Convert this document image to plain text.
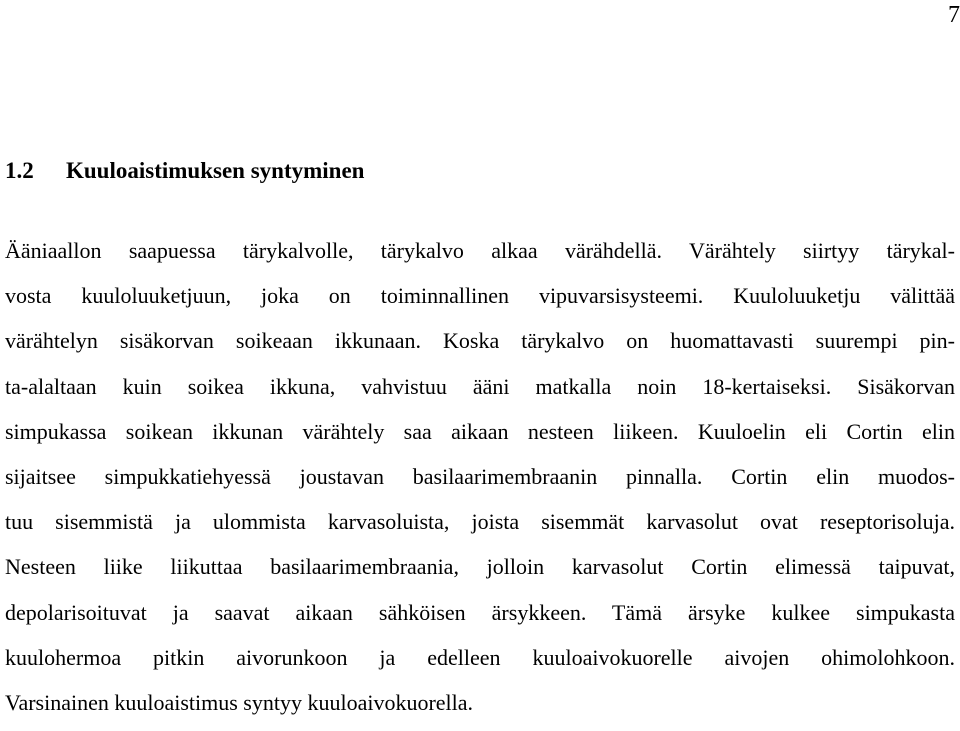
7
1.2 Kuuloaistimuksen syntyminen
Ääniaallon saapuessa tärykalvolle, tärykalvo alkaa värähdellä. Värähtely siirtyy tärykal-
vosta kuuloluuketjuun, joka on toiminnallinen vipuvarsisysteemi. Kuuloluuketju välittää
värähtelyn sisäkorvan soikeaan ikkunaan. Koska tärykalvo on huomattavasti suurempi pin-
ta-alaltaan kuin soikea ikkuna, vahvistuu ääni matkalla noin 18-kertaiseksi. Sisäkorvan
simpukassa soikean ikkunan värähtely saa aikaan nesteen liikeen. Kuuloelin eli Cortin elin
sijaitsee simpukkatiehyessä joustavan basilaarimembraanin pinnalla. Cortin elin muodos-
tuu sisemmistä ja ulommista karvasoluista, joista sisemmät karvasolut ovat reseptorisoluja.
Nesteen liike liikuttaa basilaarimembraania, jolloin karvasolut Cortin elimessä taipuvat,
depolarisoituvat ja saavat aikaan sähköisen ärsykkeen. Tämä ärsyke kulkee simpukasta
kuulohermoa pitkin aivorunkoon ja edelleen kuuloaivokuorelle aivojen ohimolohkoon.
Varsinainen kuuloaistimus syntyy kuuloaivokuorella.
